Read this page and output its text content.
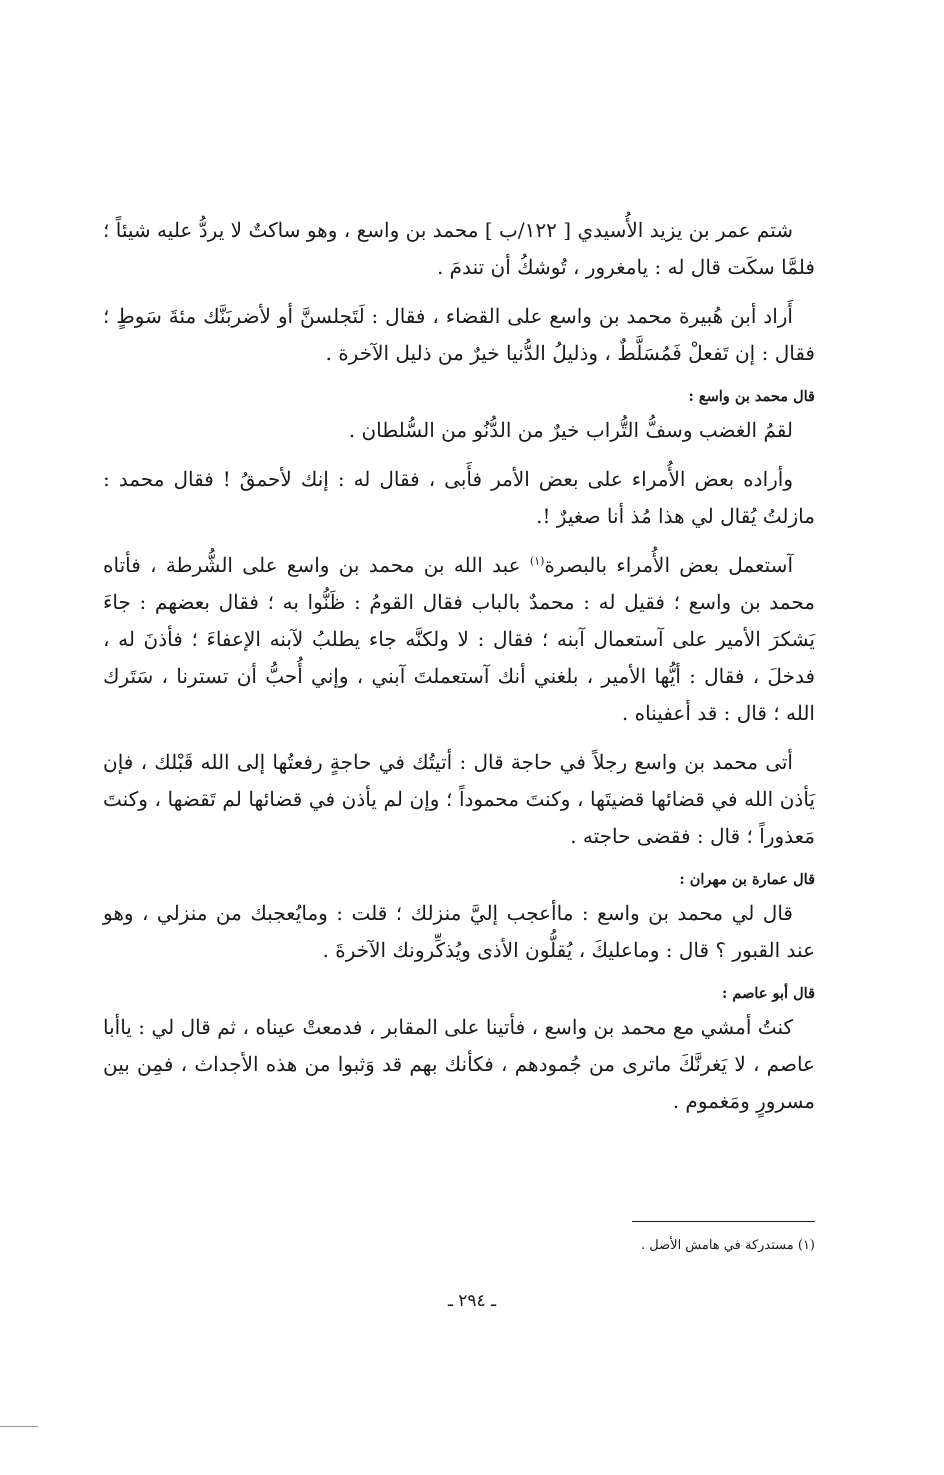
شتم عمر بن يزيد الأُسيدي [ ١٢٢/ب ] محمد بن واسع ، وهو ساكتٌ لا يردُّ عليه شيئاً ؛ فلمَّا سكَت قال له : يامغرور ، تُوشكُ أن تندمَ .

أَراد أبن هُبيرة محمد بن واسع على القضاء ، فقال : لَتَجلسنَّ أو لأضربَنَّك مئةَ سَوطٍ ؛ فقال : إن تَفعلْ فَمُسَلَّطٌ ، وذليلُ الدُّنيا خيرٌ من ذليل الآخرة .

قال محمد بن واسع :

لقمُ الغضب وسفُّ التُّراب خيرٌ من الدُّنُو من السُّلطان .

وأراده بعض الأُمراء على بعض الأمر فأَبى ، فقال له : إنك لأحمقُ ! فقال محمد : مازلتُ يُقال لي هذا مُذ أنا صغيرٌ !.

آستعمل بعض الأُمراء بالبصرة$^{(١)}$ عبد الله بن محمد بن واسع على الشُّرطة ، فأتاه محمد بن واسع ؛ فقيل له : محمدٌ بالباب فقال القومُ : ظَنُّوا به ؛ فقال بعضهم : جاءَ يَشكرَ الأمير على آستعمال آبنه ؛ فقال : لا ولكنَّه جاء يطلبُ لآبنه الإعفاءَ ؛ فأذنَ له ، فدخلَ ، فقال : أيُّها الأمير ، بلغني أنك آستعملتَ آبني ، وإني أُحبُّ أن تسترنا ، سَتَرك الله ؛ قال : قد أعفيناه .

أتى محمد بن واسع رجلاً في حاجة قال : أتيتُك في حاجةٍ رفعتُها إلى الله قَبْلك ، فإن يَأذن الله في قضائها قضيتَها ، وكنتَ محموداً ؛ وإن لم يأذن في قضائها لم تَقضها ، وكنتَ مَعذوراً ؛ قال : فقضى حاجته .

قال عمارة بن مهران :

قال لي محمد بن واسع : ماأعجب إليَّ منزلك ؛ قلت : ومايُعجبك من منزلي ، وهو عند القبور ؟ قال : وماعليكَ ، يُقلُّون الأذى ويُذكِّرونك الآخرةَ .

قال أبو عاصم :

كنتُ أمشي مع محمد بن واسع ، فأتينا على المقابر ، فدمعتْ عيناه ، ثم قال لي : ياأبا عاصم ، لا يَغرنَّكَ ماترى من جُمودهم ، فكأنك بهم قد وَثبوا من هذه الأجداث ، فمِن بين مسرورٍ ومَغموم .

(١) مستدركة في هامش الأصل .
ـ ٢٩٤ ـ
